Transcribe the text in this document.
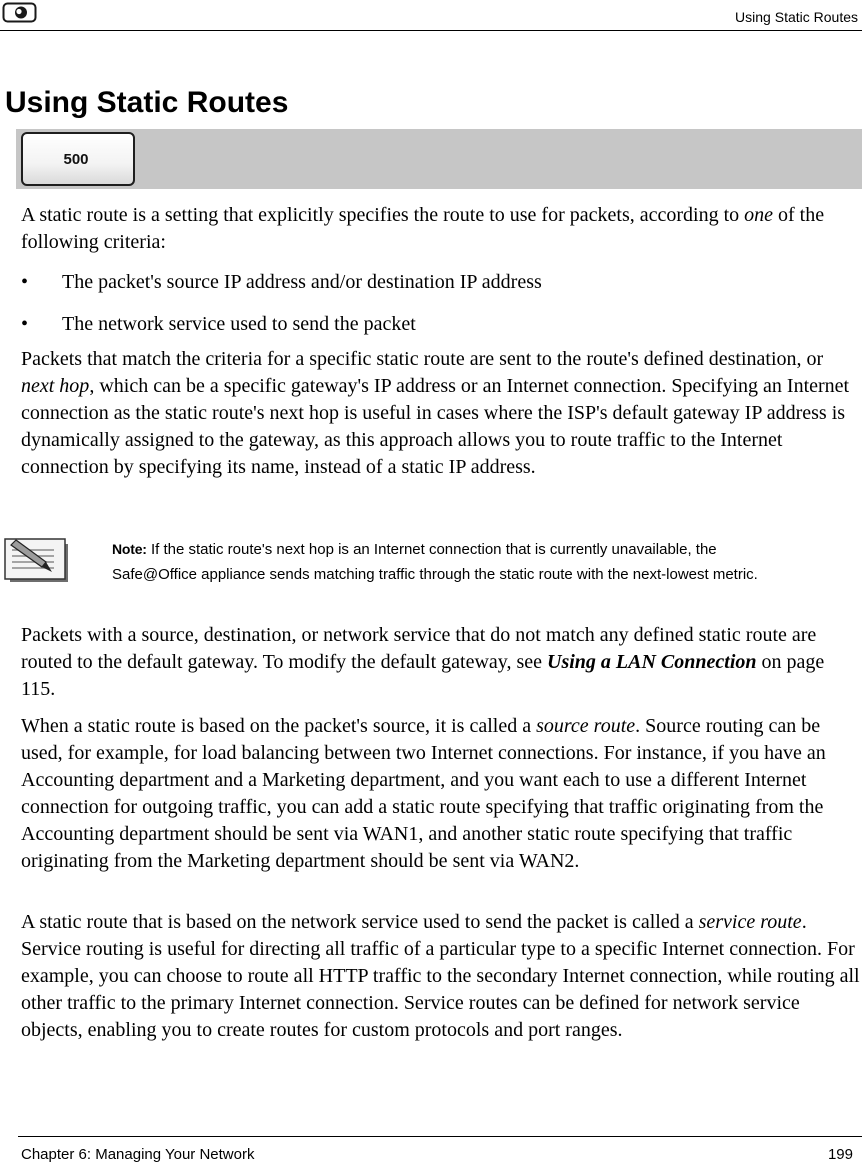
Using Static Routes
Using Static Routes
500

A static route is a setting that explicitly specifies the route to use for packets, according to one of the following criteria:

• The packet's source IP address and/or destination IP address
• The network service used to send the packet

Packets that match the criteria for a specific static route are sent to the route's defined destination, or next hop, which can be a specific gateway's IP address or an Internet connection. Specifying an Internet connection as the static route's next hop is useful in cases where the ISP's default gateway IP address is dynamically assigned to the gateway, as this approach allows you to route traffic to the Internet connection by specifying its name, instead of a static IP address.

Note: If the static route's next hop is an Internet connection that is currently unavailable, the Safe@Office appliance sends matching traffic through the static route with the next-lowest metric.

Packets with a source, destination, or network service that do not match any defined static route are routed to the default gateway. To modify the default gateway, see Using a LAN Connection on page 115.

When a static route is based on the packet's source, it is called a source route. Source routing can be used, for example, for load balancing between two Internet connections. For instance, if you have an Accounting department and a Marketing department, and you want each to use a different Internet connection for outgoing traffic, you can add a static route specifying that traffic originating from the Accounting department should be sent via WAN1, and another static route specifying that traffic originating from the Marketing department should be sent via WAN2.

A static route that is based on the network service used to send the packet is called a service route. Service routing is useful for directing all traffic of a particular type to a specific Internet connection. For example, you can choose to route all HTTP traffic to the secondary Internet connection, while routing all other traffic to the primary Internet connection. Service routes can be defined for network service objects, enabling you to create routes for custom protocols and port ranges.

Chapter 6: Managing Your Network	199
